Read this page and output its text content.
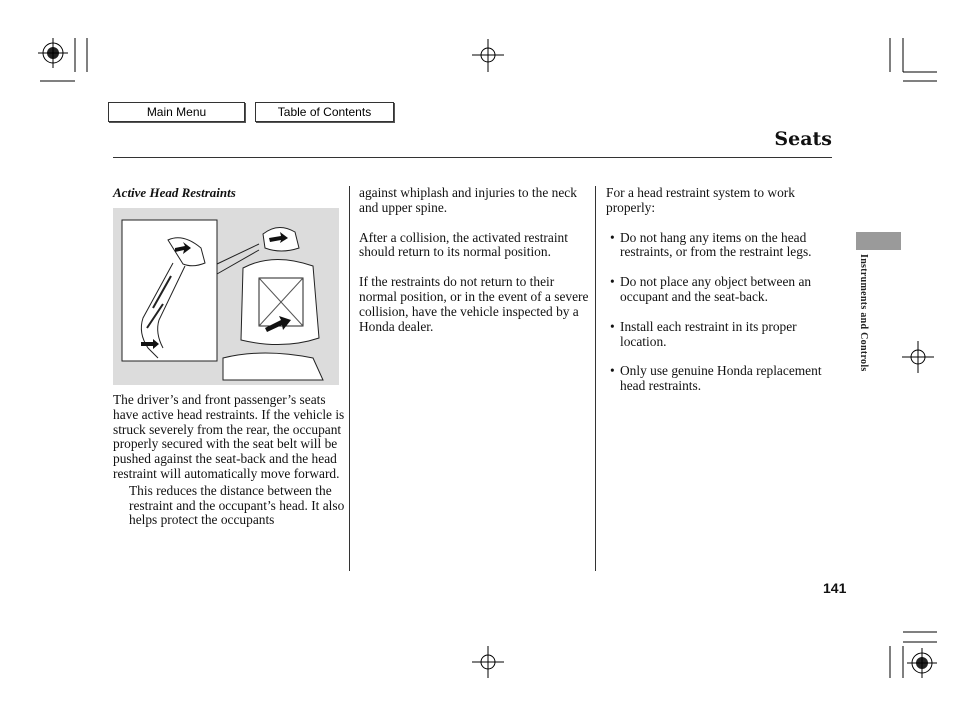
Main Menu	Table of Contents
Seats
Active Head Restraints

The driver’s and front passenger’s seats have active head restraints. If the vehicle is struck severely from the rear, the occupant properly secured with the seat belt will be pushed against the seat-back and the head restraint will automatically move forward.

This reduces the distance between the restraint and the occupant’s head. It also helps protect the occupants

against whiplash and injuries to the neck and upper spine.

After a collision, the activated restraint should return to its normal position.

If the restraints do not return to their normal position, or in the event of a severe collision, have the vehicle inspected by a Honda dealer.

For a head restraint system to work properly:

• Do not hang any items on the head restraints, or from the restraint legs.
• Do not place any object between an occupant and the seat-back.
• Install each restraint in its proper location.
• Only use genuine Honda replacement head restraints.
Instruments and Controls
141
